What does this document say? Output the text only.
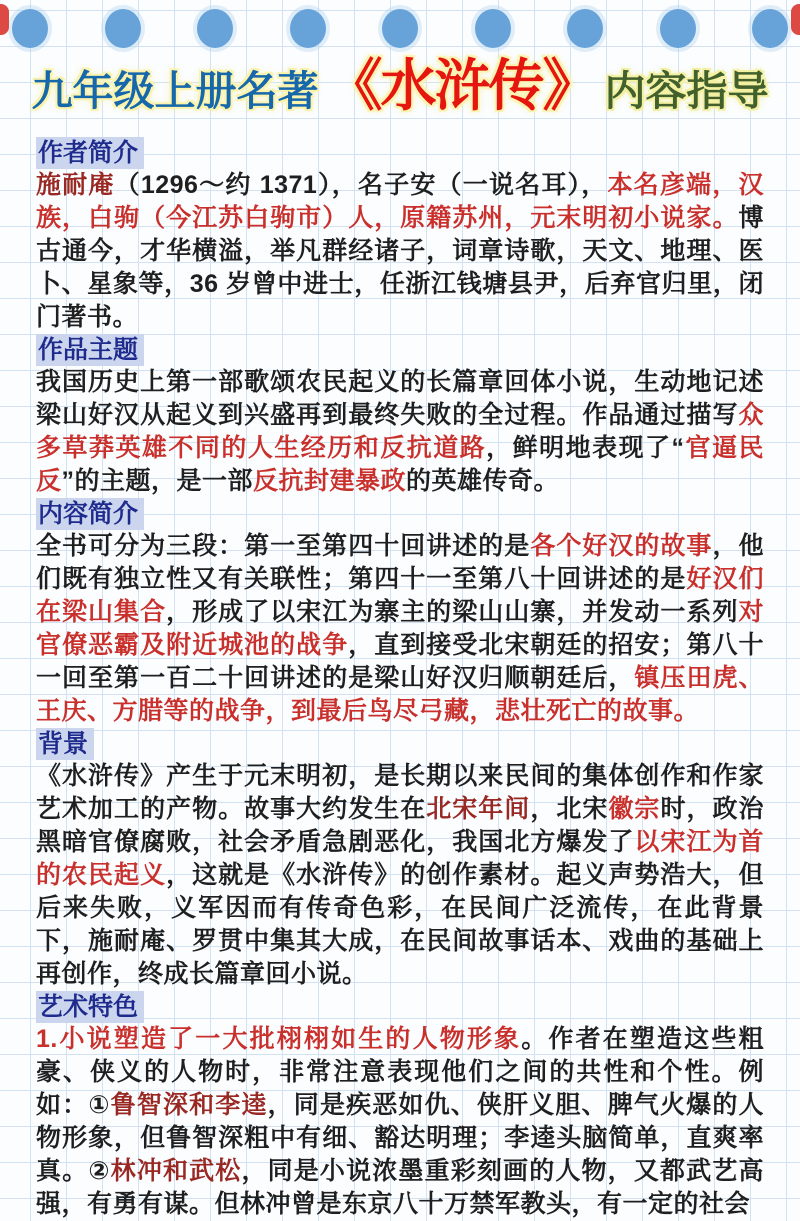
九年级上册名著 《水浒传》 内容指导
作者简介

施耐庵（1296～约 1371），名子安（一说名耳），本名彦端，汉族，白驹（今江苏白驹市）人，原籍苏州，元末明初小说家。博古通今，才华横溢，举凡群经诸子，词章诗歌，天文、地理、医卜、星象等，36 岁曾中进士，任浙江钱塘县尹，后弃官归里，闭门著书。

作品主题

我国历史上第一部歌颂农民起义的长篇章回体小说，生动地记述梁山好汉从起义到兴盛再到最终失败的全过程。作品通过描写众多草莽英雄不同的人生经历和反抗道路，鲜明地表现了“官逼民反”的主题，是一部反抗封建暴政的英雄传奇。

内容简介

全书可分为三段：第一至第四十回讲述的是各个好汉的故事，他们既有独立性又有关联性；第四十一至第八十回讲述的是好汉们在梁山集合，形成了以宋江为寨主的梁山山寨，并发动一系列对官僚恶霸及附近城池的战争，直到接受北宋朝廷的招安；第八十一回至第一百二十回讲述的是梁山好汉归顺朝廷后，镇压田虎、王庆、方腊等的战争，到最后鸟尽弓藏，悲壮死亡的故事。

背景

《水浒传》产生于元末明初，是长期以来民间的集体创作和作家艺术加工的产物。故事大约发生在北宋年间，北宋徽宗时，政治黑暗官僚腐败，社会矛盾急剧恶化，我国北方爆发了以宋江为首的农民起义，这就是《水浒传》的创作素材。起义声势浩大，但后来失败，义军因而有传奇色彩，在民间广泛流传，在此背景下，施耐庵、罗贯中集其大成，在民间故事话本、戏曲的基础上再创作，终成长篇章回小说。

艺术特色

1.小说塑造了一大批栩栩如生的人物形象。作者在塑造这些粗豪、侠义的人物时，非常注意表现他们之间的共性和个性。例如：①鲁智深和李逵，同是疾恶如仇、侠肝义胆、脾气火爆的人物形象，但鲁智深粗中有细、豁达明理；李逵头脑简单，直爽率真。②林冲和武松，同是小说浓墨重彩刻画的人物，又都武艺高强，有勇有谋。但林冲曾是东京八十万禁军教头，有一定的社会
